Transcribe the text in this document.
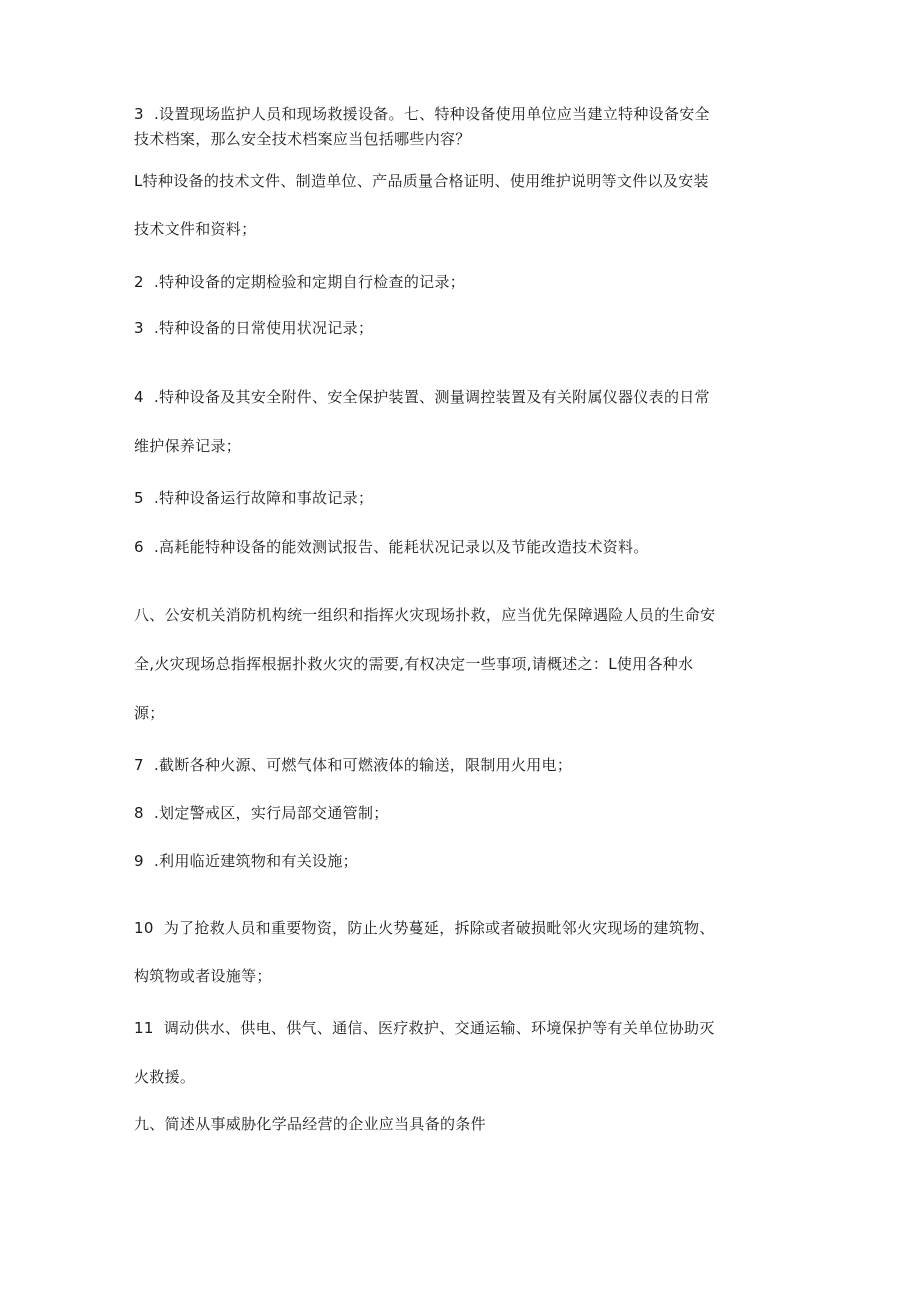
3  .设置现场监护人员和现场救援设备。七、特种设备使用单位应当建立特种设备安全
技术档案，那么安全技术档案应当包括哪些内容？
L特种设备的技术文件、制造单位、产品质量合格证明、使用维护说明等文件以及安装
技术文件和资料；
2  .特种设备的定期检验和定期自行检查的记录；
3  .特种设备的日常使用状况记录；
4  .特种设备及其安全附件、安全保护装置、测量调控装置及有关附属仪器仪表的日常
维护保养记录；
5  .特种设备运行故障和事故记录；
6  .高耗能特种设备的能效测试报告、能耗状况记录以及节能改造技术资料。
八、公安机关消防机构统一组织和指挥火灾现场扑救，应当优先保障遇险人员的生命安
全,火灾现场总指挥根据扑救火灾的需要,有权决定一些事项,请概述之：L使用各种水
源；
7  .截断各种火源、可燃气体和可燃液体的输送，限制用火用电；
8  .划定警戒区，实行局部交通管制；
9  .利用临近建筑物和有关设施；
10  为了抢救人员和重要物资，防止火势蔓延，拆除或者破损毗邻火灾现场的建筑物、
构筑物或者设施等；
11  调动供水、供电、供气、通信、医疗救护、交通运输、环境保护等有关单位协助灭
火救援。
九、简述从事威胁化学品经营的企业应当具备的条件
